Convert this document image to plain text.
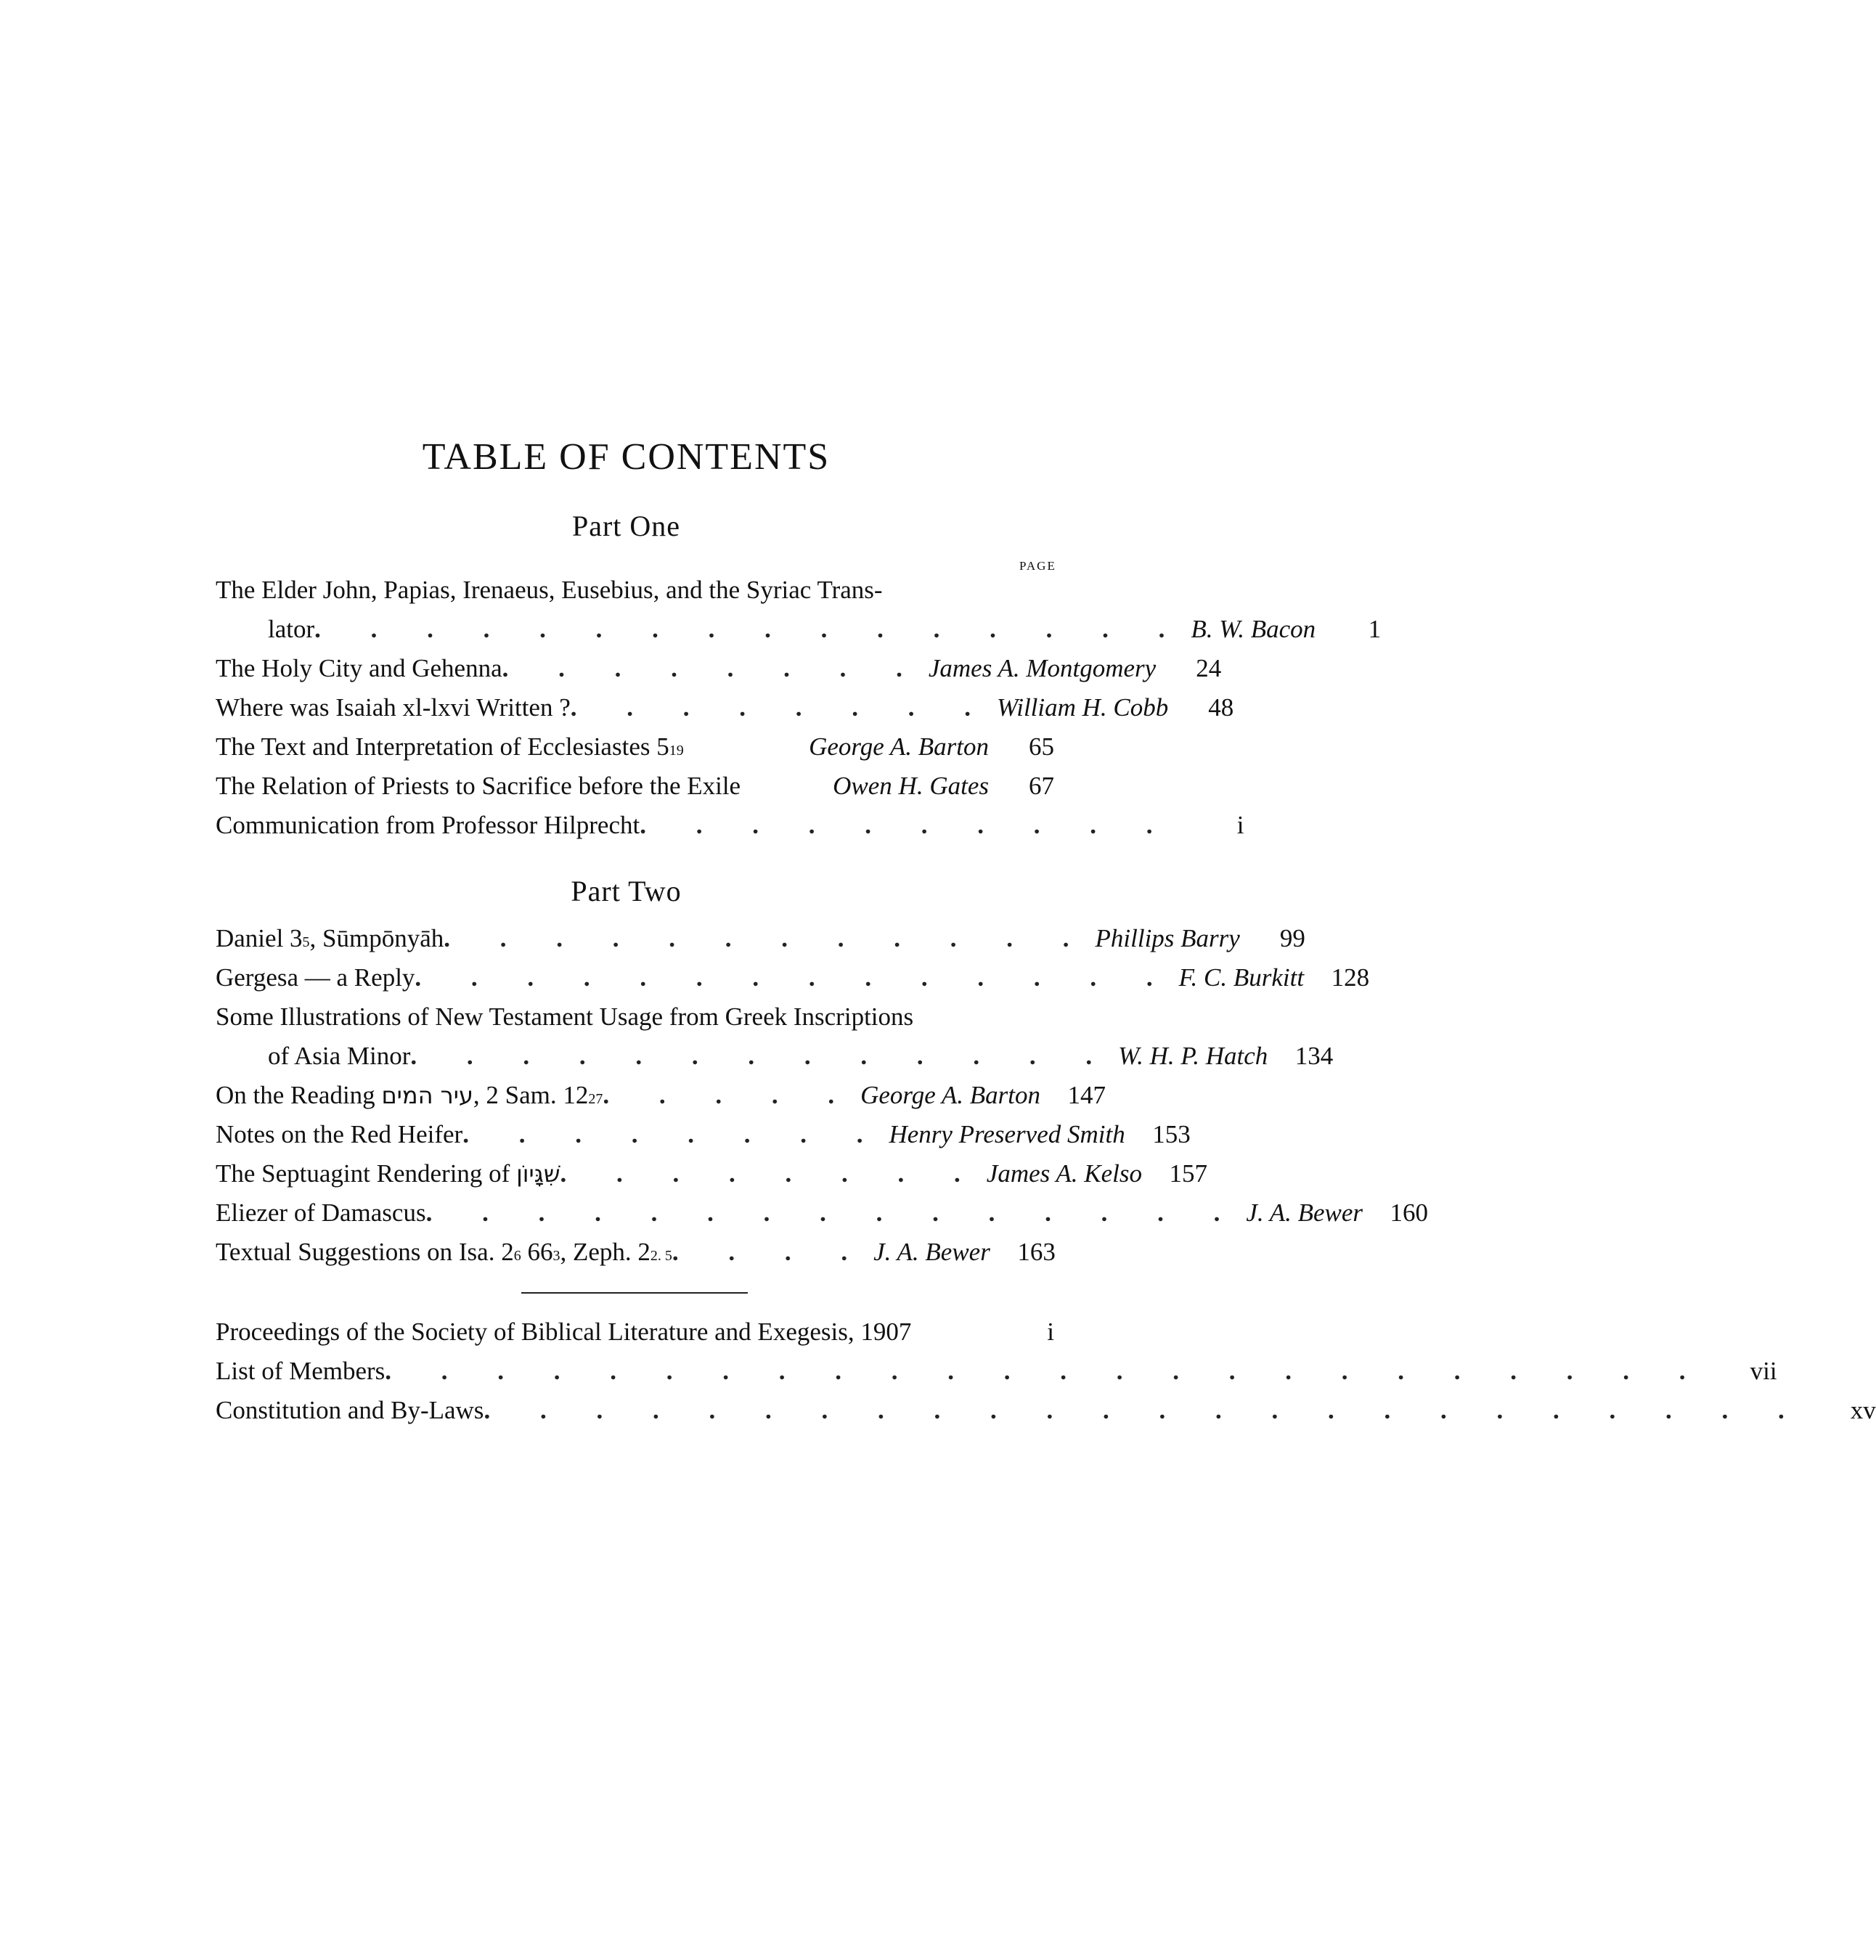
TABLE OF CONTENTS
Part One
PAGE
The Elder John, Papias, Irenaeus, Eusebius, and the Syriac Trans-
lator . . . . . . . . . . . . . . . . B. W. Bacon	1
The Holy City and Gehenna . . . . . . . . James A. Montgomery	24
Where was Isaiah xl-lxvi Written ? . . . . . . . . William H. Cobb	48
The Text and Interpretation of Ecclesiastes 519	George A. Barton	65
The Relation of Priests to Sacrifice before the Exile	Owen H. Gates	67
Communication from Professor Hilprecht . . . . . . . . . .	i
Part Two
Daniel 35, Sūmpōnyāh . . . . . . . . . . . . Phillips Barry	99
Gergesa — a Reply . . . . . . . . . . . . . . F. C. Burkitt	128
Some Illustrations of New Testament Usage from Greek Inscriptions
of Asia Minor . . . . . . . . . . . . . W. H. P. Hatch	134
On the Reading עיר המים, 2 Sam. 1227 . . . . . George A. Barton	147
Notes on the Red Heifer . . . . . . . . Henry Preserved Smith	153
The Septuagint Rendering of שִׁגָּיוֹן . . . . . . . . James A. Kelso	157
Eliezer of Damascus . . . . . . . . . . . . . . . J. A. Bewer	160
Textual Suggestions on Isa. 26 663, Zeph. 22. 5 . . . . J. A. Bewer	163
Proceedings of the Society of Biblical Literature and Exegesis, 1907	i
List of Members . . . . . . . . . . . . . . . . . . . . . . . .	vii
Constitution and By-Laws . . . . . . . . . . . . . . . . . . . . . . . .	xv
